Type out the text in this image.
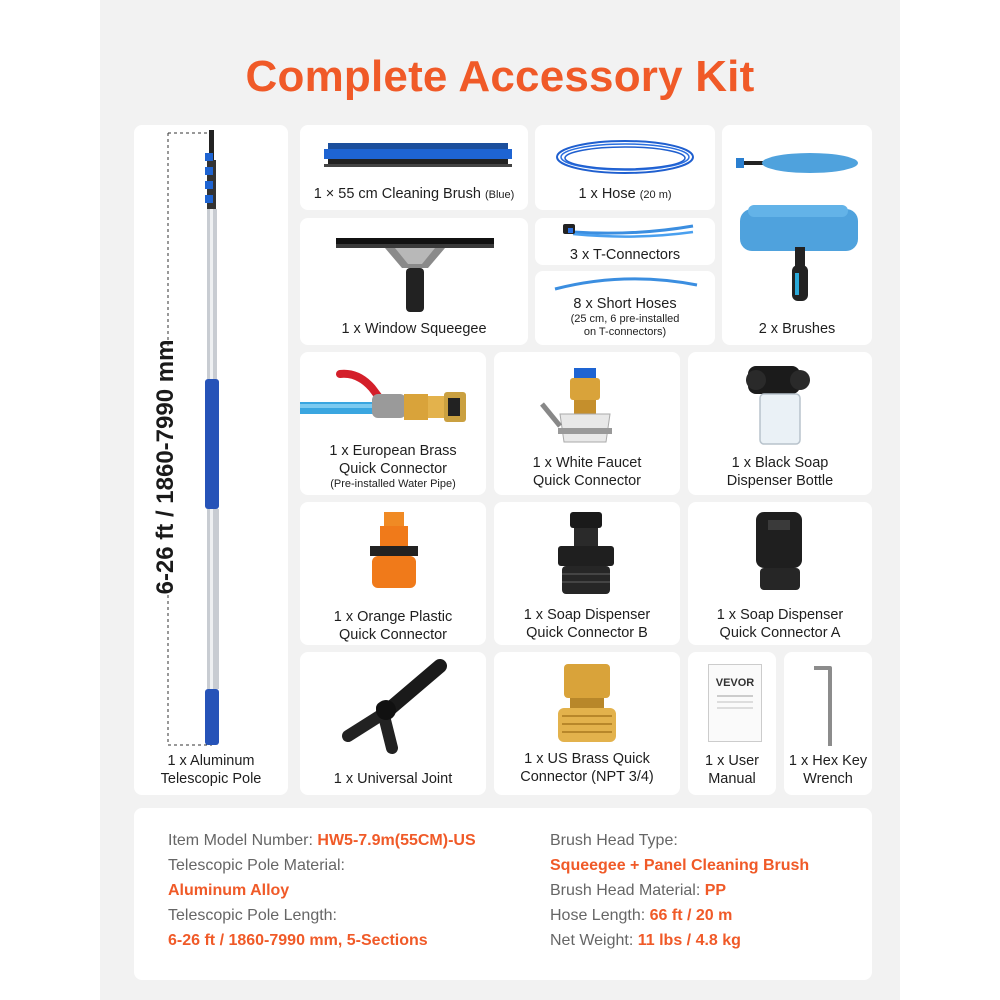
Complete Accessory Kit
6-26 ft / 1860-7990 mm
1 x Aluminum
Telescopic Pole
1 × 55 cm Cleaning Brush (Blue)	1 x Hose (20 m)
2 x Brushes
1 x Window Squeegee
3 x T-Connectors
8 x Short Hoses
(25 cm, 6 pre-installed
on T-connectors)
1 x European Brass
Quick Connector
(Pre-installed Water Pipe)
1 x White Faucet
Quick Connector
1 x Black Soap
Dispenser Bottle
1 x Orange Plastic
Quick Connector
1 x Soap Dispenser
Quick Connector B
1 x Soap Dispenser
Quick Connector A
1 x Universal Joint
1 x US Brass Quick
Connector (NPT 3/4)
VEVOR
1 x User
Manual
1 x Hex Key
Wrench
Item Model Number: HW5-7.9m(55CM)-US
Telescopic Pole Material:
Aluminum Alloy
Telescopic Pole Length:
6-26 ft / 1860-7990 mm, 5-Sections
Brush Head Type:
Squeegee + Panel Cleaning Brush
Brush Head Material: PP
Hose Length: 66 ft / 20 m
Net Weight: 11 lbs / 4.8 kg
